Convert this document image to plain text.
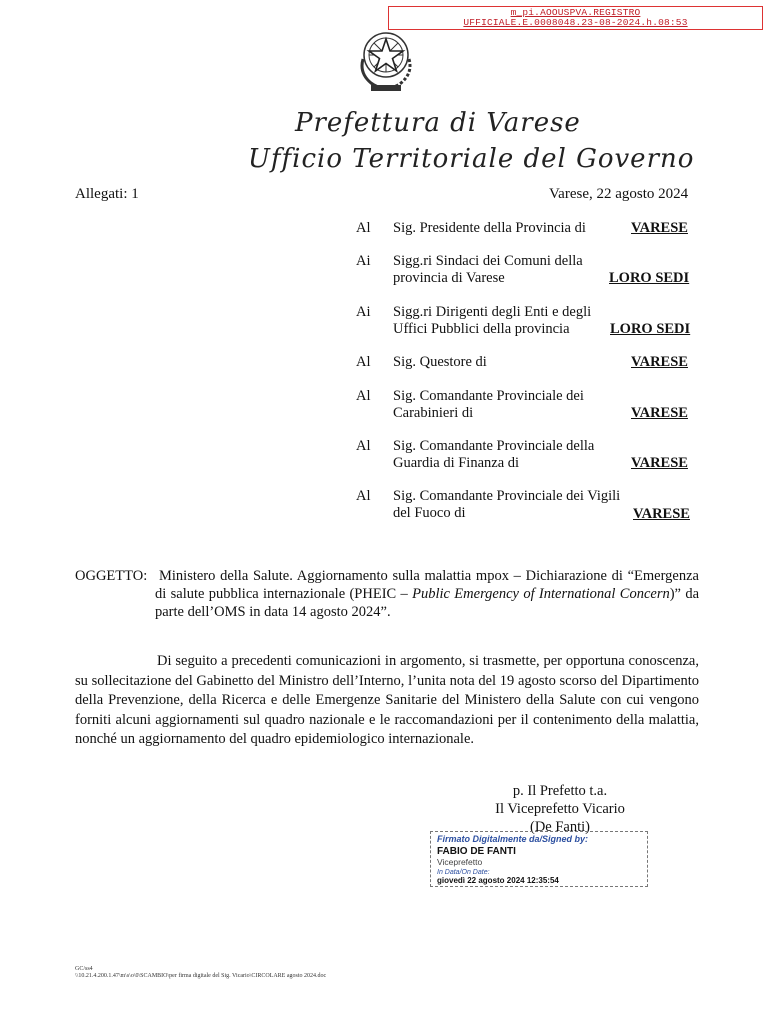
m_pi.AOOUSPVA.REGISTRO
UFFICIALE.E.0008048.23-08-2024.h.08:53
Prefettura di Varese
Ufficio Territoriale del Governo
Allegati: 1	Varese, 22 agosto 2024
Al Sig. Presidente della Provincia di	VARESE
Ai Sigg.ri Sindaci dei Comuni della provincia di Varese	LORO SEDI
Ai Sigg.ri Dirigenti degli Enti e degli Uffici Pubblici della provincia	LORO SEDI
Al Sig. Questore di	VARESE
Al Sig. Comandante Provinciale dei Carabinieri di	VARESE
Al Sig. Comandante Provinciale della Guardia di Finanza di	VARESE
Al Sig. Comandante Provinciale dei Vigili del Fuoco di	VARESE
OGGETTO: Ministero della Salute. Aggiornamento sulla malattia mpox – Dichiarazione di “Emergenza di salute pubblica internazionale (PHEIC – Public Emergency of International Concern)” da parte dell’OMS in data 14 agosto 2024”.
Di seguito a precedenti comunicazioni in argomento, si trasmette, per opportuna conoscenza, su sollecitazione del Gabinetto del Ministro dell’Interno, l’unita nota del 19 agosto scorso del Dipartimento della Prevenzione, della Ricerca e delle Emergenze Sanitarie del Ministero della Salute con cui vengono forniti alcuni aggiornamenti sul quadro nazionale e le raccomandazioni per il contenimento della malattia, nonché un aggiornamento del quadro epidemiologico internazionale.
p. Il Prefetto t.a.
Il Viceprefetto Vicario
(De Fanti)
Firmato Digitalmente da/Signed by:
FABIO DE FANTI
Viceprefetto
In Data/On Date:
giovedì 22 agosto 2024 12:35:54
GC/ss4
\\10.21.4.200.1.47\m\s\o\0\SCAMBIO\per firma digitale del Sig. Vicario\CIRCOLARE agosto 2024.doc
